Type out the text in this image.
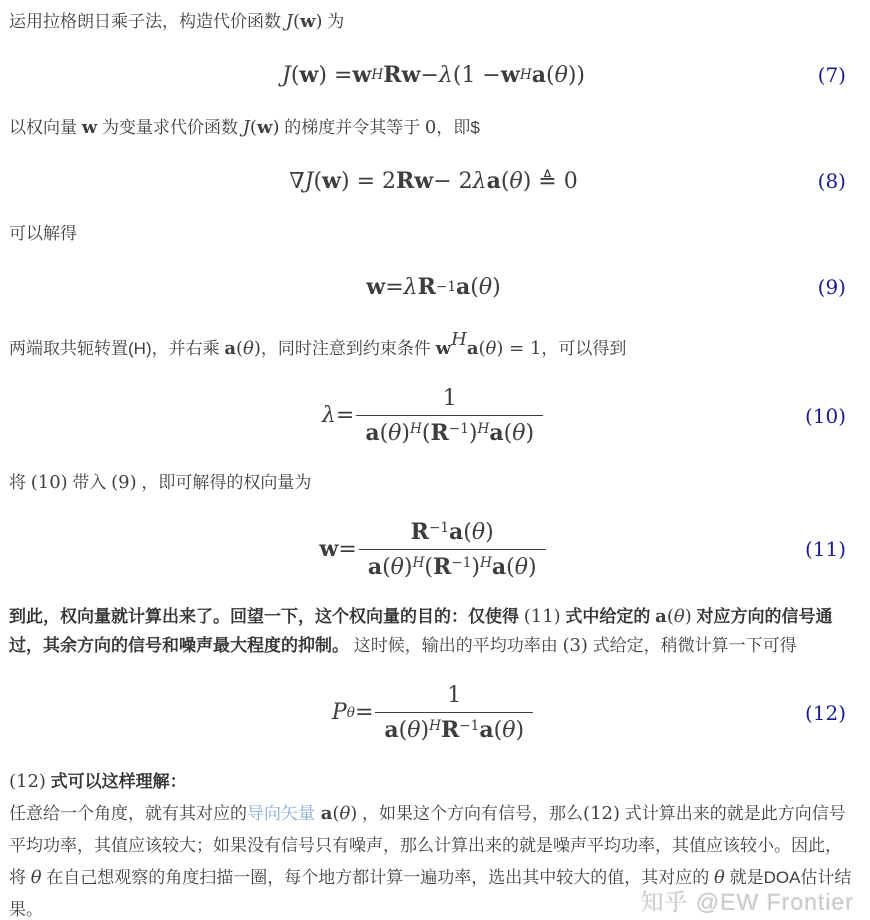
运用拉格朗日乘子法，构造代价函数 J(w) 为
J ( w ) = w H Rw − λ (1 − w H a ( θ ))	(7)
以权向量 w 为变量求代价函数 J(w) 的梯度并令其等于 0，即$
∇ J ( w ) = 2 Rw − 2 λ a ( θ ) ≜ 0	(8)
可以解得
w = λ R −1 a ( θ )	(9)
两端取共轭转置(H)，并右乘 a(θ)，同时注意到约束条件 wHa(θ) = 1，可以得到
$\lambda = \frac{1}{a(\theta)^H(R^{-1})^Ha(\theta)}$	(10)
将 (10) 带入 (9) ，即可解得的权向量为
$w = \frac{R^{-1}a(\theta)}{a(\theta)^H(R^{-1})^Ha(\theta)}$	(11)
到此，权向量就计算出来了。回望一下，这个权向量的目的：仅使得 (11) 式中给定的 a(θ) 对应方向的信号通过，其余方向的信号和噪声最大程度的抑制。 这时候，输出的平均功率由 (3) 式给定，稍微计算一下可得
P $\theta = \frac{1}{a(\theta)^HR^{-1}a(\theta)}$	(12)
(12) 式可以这样理解：
任意给一个角度，就有其对应的导向矢量 a(θ) ，如果这个方向有信号，那么(12) 式计算出来的就是此方向信号平均功率，其值应该较大；如果没有信号只有噪声，那么计算出来的就是噪声平均功率，其值应该较小。因此，将 θ 在自己想观察的角度扫描一圈，每个地方都计算一遍功率，选出其中较大的值，其对应的 θ 就是DOA估计结果。	知乎 @EW Frontier
